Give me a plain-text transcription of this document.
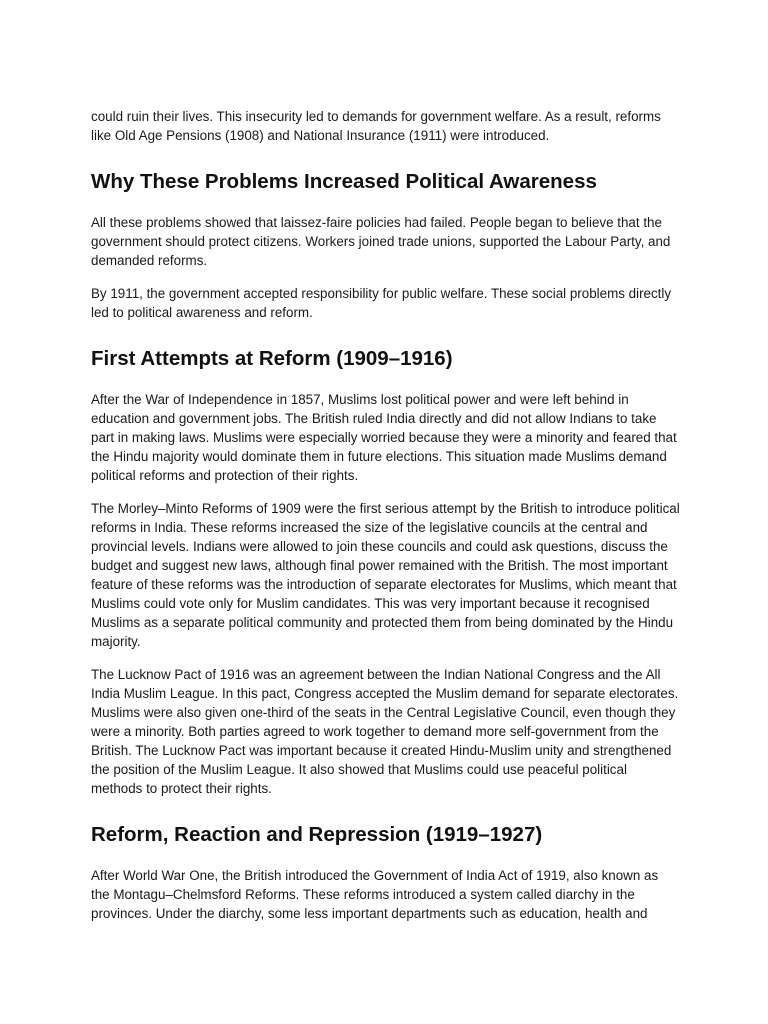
could ruin their lives. This insecurity led to demands for government welfare. As a result, reforms like Old Age Pensions (1908) and National Insurance (1911) were introduced.

Why These Problems Increased Political Awareness

All these problems showed that laissez-faire policies had failed. People began to believe that the government should protect citizens. Workers joined trade unions, supported the Labour Party, and demanded reforms.

By 1911, the government accepted responsibility for public welfare. These social problems directly led to political awareness and reform.

First Attempts at Reform (1909–1916)

After the War of Independence in 1857, Muslims lost political power and were left behind in education and government jobs. The British ruled India directly and did not allow Indians to take part in making laws. Muslims were especially worried because they were a minority and feared that the Hindu majority would dominate them in future elections. This situation made Muslims demand political reforms and protection of their rights.

The Morley–Minto Reforms of 1909 were the first serious attempt by the British to introduce political reforms in India. These reforms increased the size of the legislative councils at the central and provincial levels. Indians were allowed to join these councils and could ask questions, discuss the budget and suggest new laws, although final power remained with the British. The most important feature of these reforms was the introduction of separate electorates for Muslims, which meant that Muslims could vote only for Muslim candidates. This was very important because it recognised Muslims as a separate political community and protected them from being dominated by the Hindu majority.

The Lucknow Pact of 1916 was an agreement between the Indian National Congress and the All India Muslim League. In this pact, Congress accepted the Muslim demand for separate electorates. Muslims were also given one-third of the seats in the Central Legislative Council, even though they were a minority. Both parties agreed to work together to demand more self-government from the British. The Lucknow Pact was important because it created Hindu-Muslim unity and strengthened the position of the Muslim League. It also showed that Muslims could use peaceful political methods to protect their rights.

Reform, Reaction and Repression (1919–1927)

After World War One, the British introduced the Government of India Act of 1919, also known as the Montagu–Chelmsford Reforms. These reforms introduced a system called diarchy in the provinces. Under the diarchy, some less important departments such as education, health and
